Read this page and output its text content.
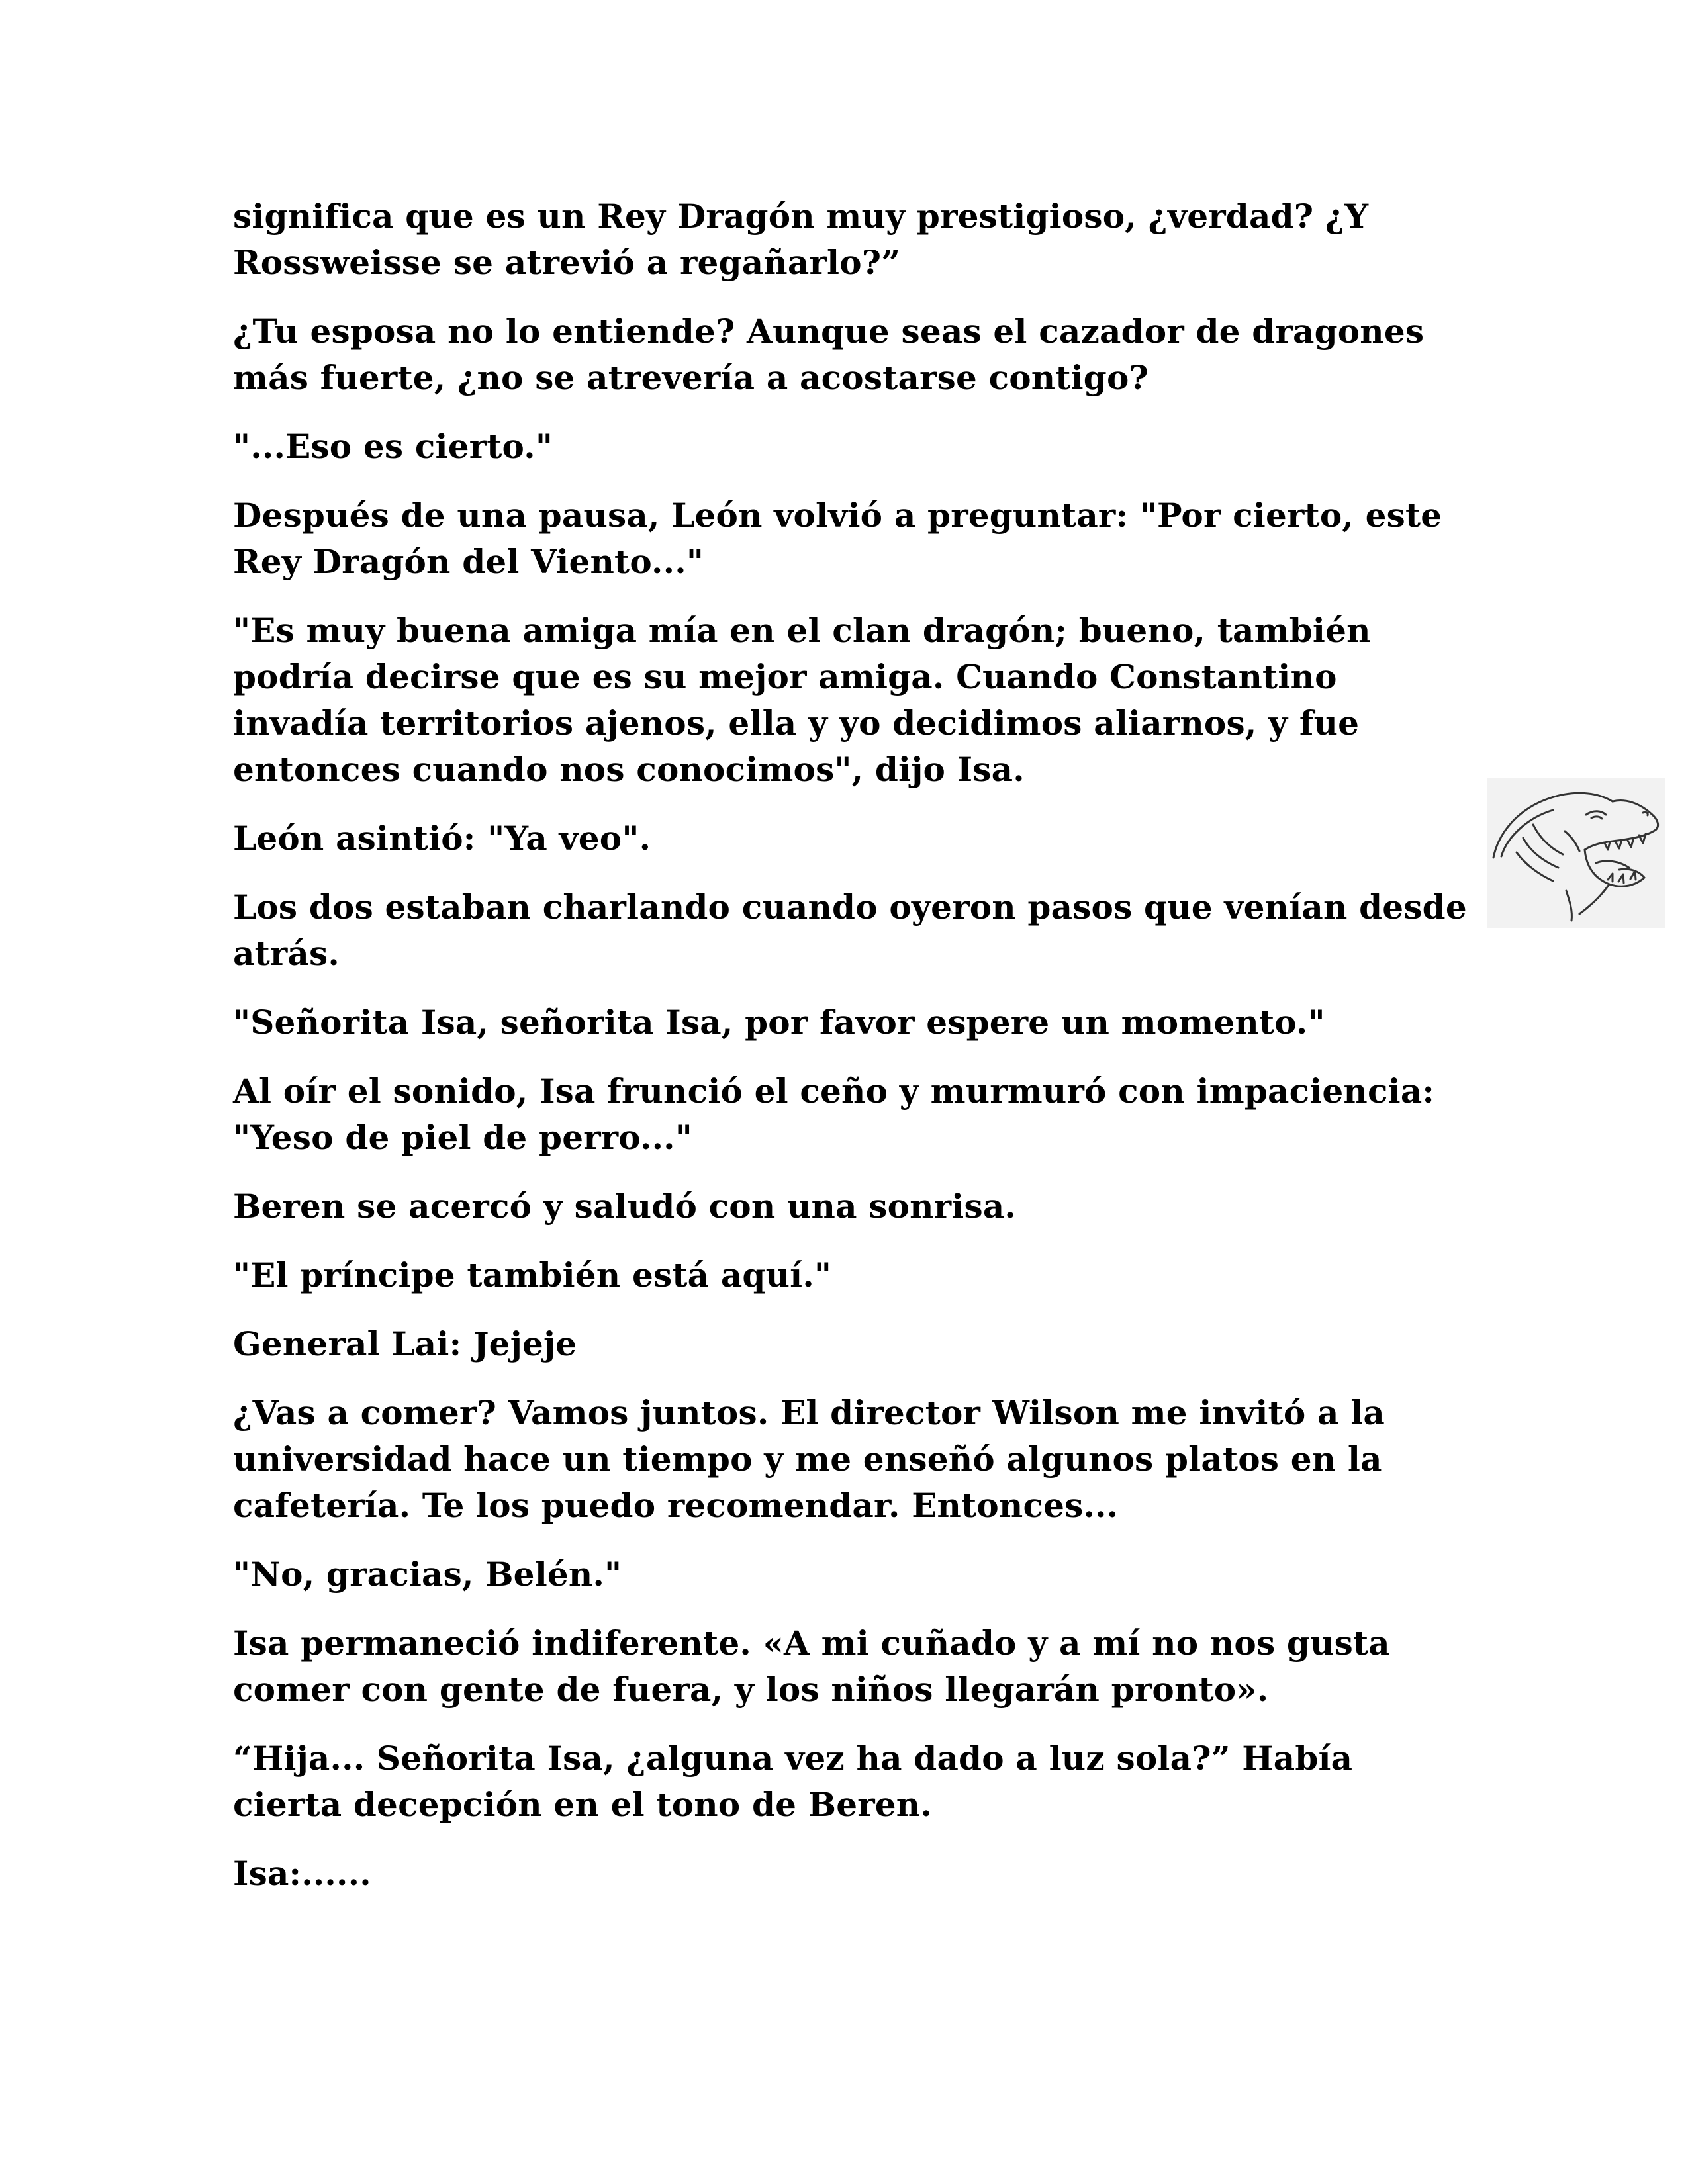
significa que es un Rey Dragón muy prestigioso, ¿verdad? ¿Y Rossweisse se atrevió a regañarlo?”

¿Tu esposa no lo entiende? Aunque seas el cazador de dragones más fuerte, ¿no se atrevería a acostarse contigo?

"...Eso es cierto."

Después de una pausa, León volvió a preguntar: "Por cierto, este Rey Dragón del Viento..."

"Es muy buena amiga mía en el clan dragón; bueno, también podría decirse que es su mejor amiga. Cuando Constantino invadía territorios ajenos, ella y yo decidimos aliarnos, y fue entonces cuando nos conocimos", dijo Isa.

León asintió: "Ya veo".

Los dos estaban charlando cuando oyeron pasos que venían desde atrás.

"Señorita Isa, señorita Isa, por favor espere un momento."

Al oír el sonido, Isa frunció el ceño y murmuró con impaciencia: "Yeso de piel de perro..."

Beren se acercó y saludó con una sonrisa.

"El príncipe también está aquí."

General Lai: Jejeje

¿Vas a comer? Vamos juntos. El director Wilson me invitó a la universidad hace un tiempo y me enseñó algunos platos en la cafetería. Te los puedo recomendar. Entonces...

"No, gracias, Belén."

Isa permaneció indiferente. «A mi cuñado y a mí no nos gusta comer con gente de fuera, y los niños llegarán pronto».

“Hija... Señorita Isa, ¿alguna vez ha dado a luz sola?” Había cierta decepción en el tono de Beren.

Isa:......
